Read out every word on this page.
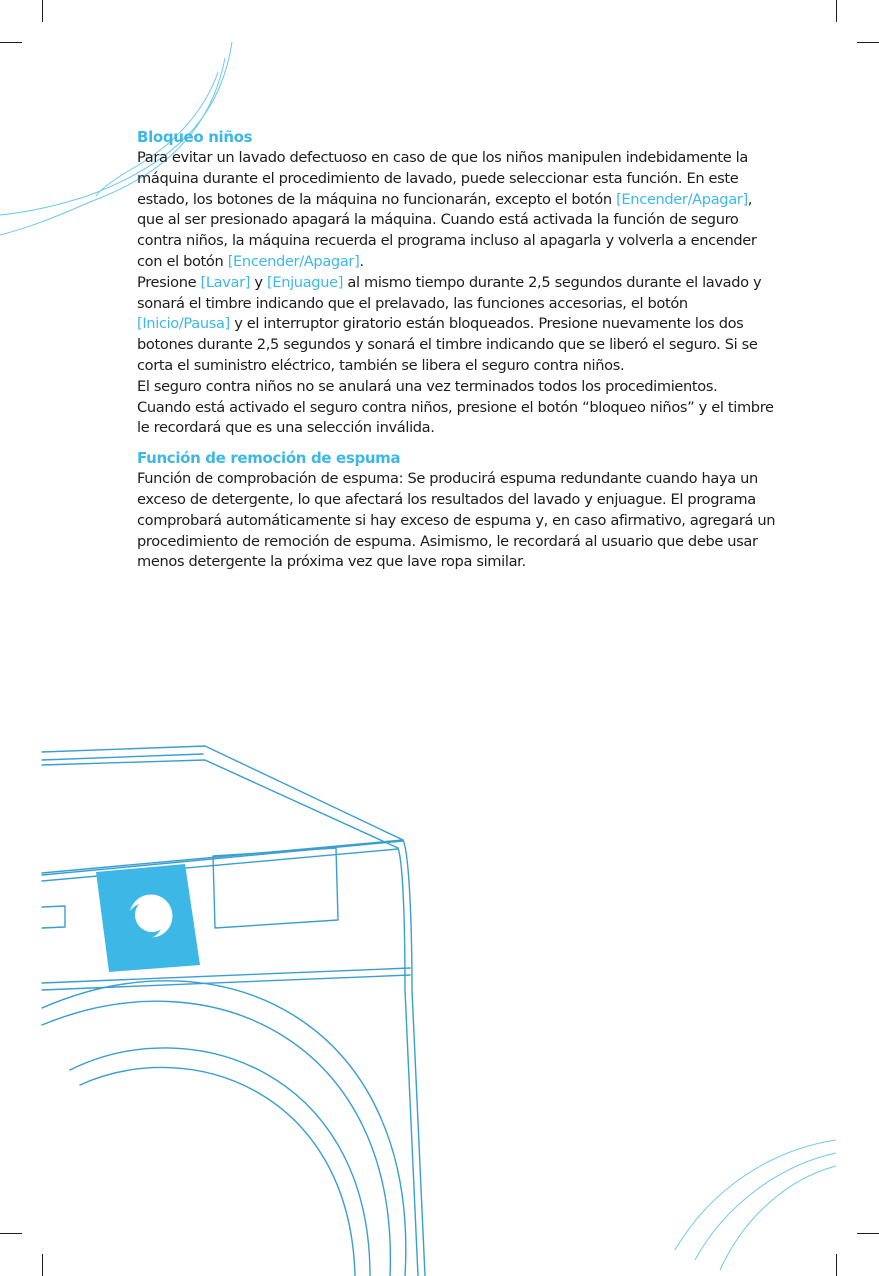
Bloqueo niños

Para evitar un lavado defectuoso en caso de que los niños manipulen indebidamente la máquina durante el procedimiento de lavado, puede seleccionar esta función. En este estado, los botones de la máquina no funcionarán, excepto el botón [Encender/Apagar], que al ser presionado apagará la máquina. Cuando está activada la función de seguro contra niños, la máquina recuerda el programa incluso al apagarla y volverla a encender con el botón [Encender/Apagar].

Presione [Lavar] y [Enjuague] al mismo tiempo durante 2,5 segundos durante el lavado y sonará el timbre indicando que el prelavado, las funciones accesorias, el botón [Inicio/Pausa] y el interruptor giratorio están bloqueados. Presione nuevamente los dos botones durante 2,5 segundos y sonará el timbre indicando que se liberó el seguro. Si se corta el suministro eléctrico, también se libera el seguro contra niños.

El seguro contra niños no se anulará una vez terminados todos los procedimientos.

Cuando está activado el seguro contra niños, presione el botón “bloqueo niños” y el timbre le recordará que es una selección inválida.

Función de remoción de espuma

Función de comprobación de espuma: Se producirá espuma redundante cuando haya un exceso de detergente, lo que afectará los resultados del lavado y enjuague. El programa comprobará automáticamente si hay exceso de espuma y, en caso afirmativo, agregará un procedimiento de remoción de espuma. Asimismo, le recordará al usuario que debe usar menos detergente la próxima vez que lave ropa similar.
